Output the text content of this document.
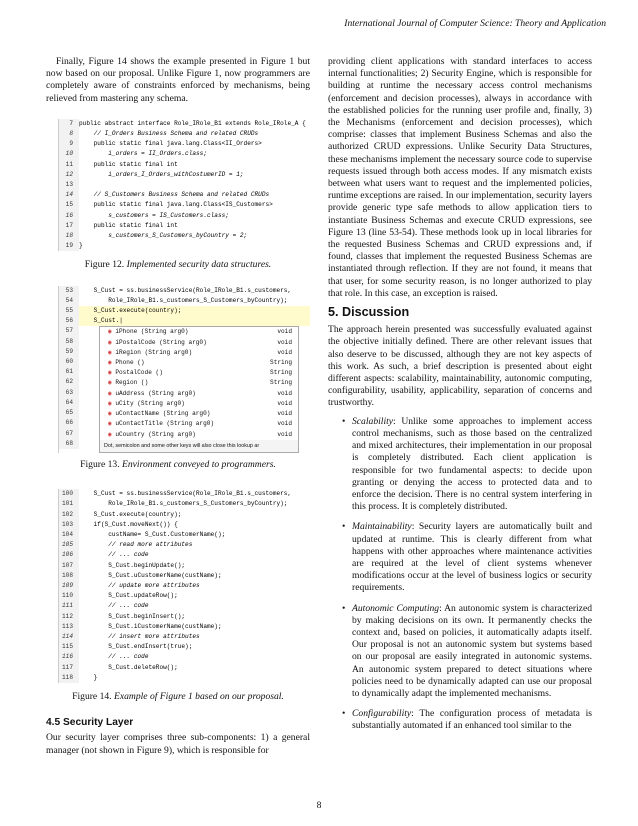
International Journal of Computer Science: Theory and Application

Finally, Figure 14 shows the example presented in Figure 1 but now based on our proposal. Unlike Figure 1, now programmers are completely aware of constraints enforced by mechanisms, being relieved from mastering any schema.

7 public abstract interface Role_IRole_B1 extends Role_IRole_A {
8 // I_Orders Business Schema and related CRUDs
9 public static final java.lang.Class<II_Orders>
10 i_orders = II_Orders.class;
11 public static final int
12 i_orders_I_Orders_withCostumerID = 1;
13
14 // S_Customers Business Schema and related CRUDs
15 public static final java.lang.Class<IS_Customers>
16 s_customers = IS_Customers.class;
17 public static final int
18 s_customers_S_Customers_byCountry = 2;
19 }
Figure 12. Implemented security data structures.
53 S_Cust = ss.businessService(Role_IRole_B1.s_customers,
54 Role_IRole_B1.s_customers_S_Customers_byCountry);
55 S_Cust.execute(country);
56 S_Cust.|
57
58
59
60
61
62
63
64
65
66
67
68
◉ iPhone (String arg0)	void
◉ iPostalCode (String arg0)	void
◉ iRegion (String arg0)	void
◉ Phone ()	String
◉ PostalCode ()	String
◉ Region ()	String
◉ uAddress (String arg0)	void
◉ uCity (String arg0)	void
◉ uContactName (String arg0)	void
◉ uContactTitle (String arg0)	void
◉ uCountry (String arg0)	void
Dot, semicolon and some other keys will also close this lookup ar
Figure 13. Environment conveyed to programmers.
100 S_Cust = ss.businessService(Role_IRole_B1.s_customers,
101 Role_IRole_B1.s_customers_S_Customers_byCountry);
102 S_Cust.execute(country);
103 if(S_Cust.moveNext()) {
104 custName= S_Cust.CustomerName();
105 // read more attributes
106 // ... code
107 S_Cust.beginUpdate();
108 S_Cust.uCustomerName(custName);
109 // update more attributes
110 S_Cust.updateRow();
111 // ... code
112 S_Cust.beginInsert();
113 S_Cust.iCustomerName(custName);
114 // insert more attributes
115 S_Cust.endInsert(true);
116 // ... code
117 S_Cust.deleteRow();
118 }
Figure 14. Example of Figure 1 based on our proposal.
4.5 Security Layer

Our security layer comprises three sub-components: 1) a general manager (not shown in Figure 9), which is responsible for

providing client applications with standard interfaces to access internal functionalities; 2) Security Engine, which is responsible for building at runtime the necessary access control mechanisms (enforcement and decision processes), always in accordance with the established policies for the running user profile and, finally, 3) the Mechanisms (enforcement and decision processes), which comprise: classes that implement Business Schemas and also the authorized CRUD expressions. Unlike Security Data Structures, these mechanisms implement the necessary source code to supervise requests issued through both access modes. If any mismatch exists between what users want to request and the implemented policies, runtime exceptions are raised. In our implementation, security layers provide generic type safe methods to allow application tiers to instantiate Business Schemas and execute CRUD expressions, see Figure 13 (line 53-54). These methods look up in local libraries for the requested Business Schemas and CRUD expressions and, if found, classes that implement the requested Business Schemas are instantiated through reflection. If they are not found, it means that that user, for some security reason, is no longer authorized to play that role. In this case, an exception is raised.

5. Discussion

The approach herein presented was successfully evaluated against the objective initially defined. There are other relevant issues that also deserve to be discussed, although they are not key aspects of this work. As such, a brief description is presented about eight different aspects: scalability, maintainability, autonomic computing, configurability, usability, applicability, separation of concerns and trustworthy.

• Scalability: Unlike some approaches to implement access control mechanisms, such as those based on the centralized and mixed architectures, their implementation in our proposal is completely distributed. Each client application is responsible for two fundamental aspects: to decide upon granting or denying the access to protected data and to enforce the decision. There is no central system interfering in this process. It is completely distributed.
• Maintainability: Security layers are automatically built and updated at runtime. This is clearly different from what happens with other approaches where maintenance activities are required at the level of client systems whenever modifications occur at the level of business logics or security requirements.
• Autonomic Computing: An autonomic system is characterized by making decisions on its own. It permanently checks the context and, based on policies, it automatically adapts itself. Our proposal is not an autonomic system but systems based on our proposal are easily integrated in autonomic systems. An autonomic system prepared to detect situations where policies need to be dynamically adapted can use our proposal to dynamically adapt the implemented mechanisms.
• Configurability: The configuration process of metadata is substantially automated if an enhanced tool similar to the
8
